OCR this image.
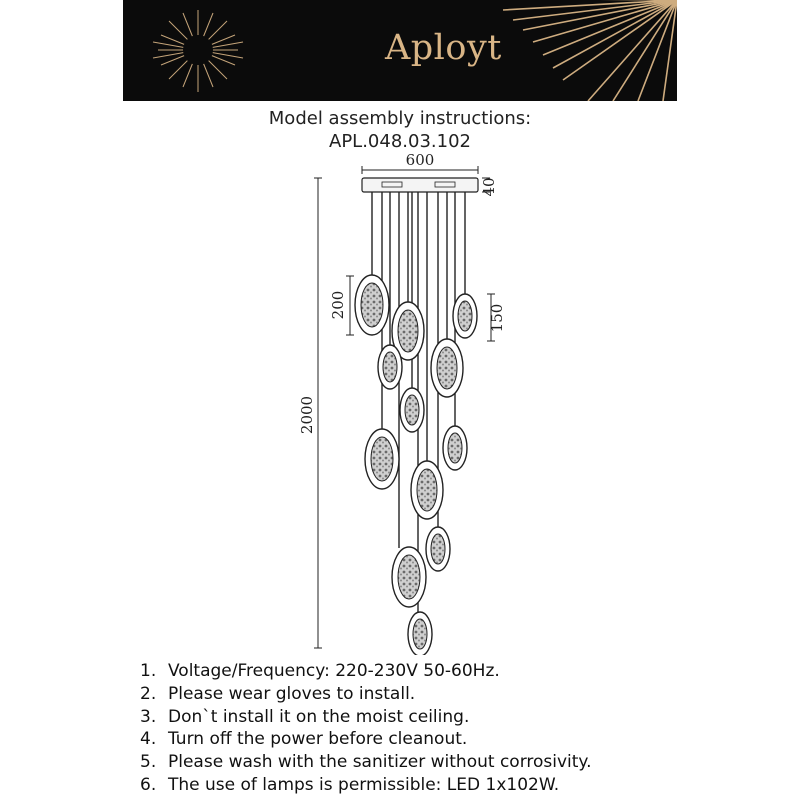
Aployt
Model assembly instructions:
APL.048.03.102
600
40
2000
200	150
1. Voltage/Frequency: 220-230V 50-60Hz.
2. Please wear gloves to install.
3. Don`t install it on the moist ceiling.
4. Turn off the power before cleanout.
5. Please wash with the sanitizer without corrosivity.
6. The use of lamps is permissible: LED 1x102W.
